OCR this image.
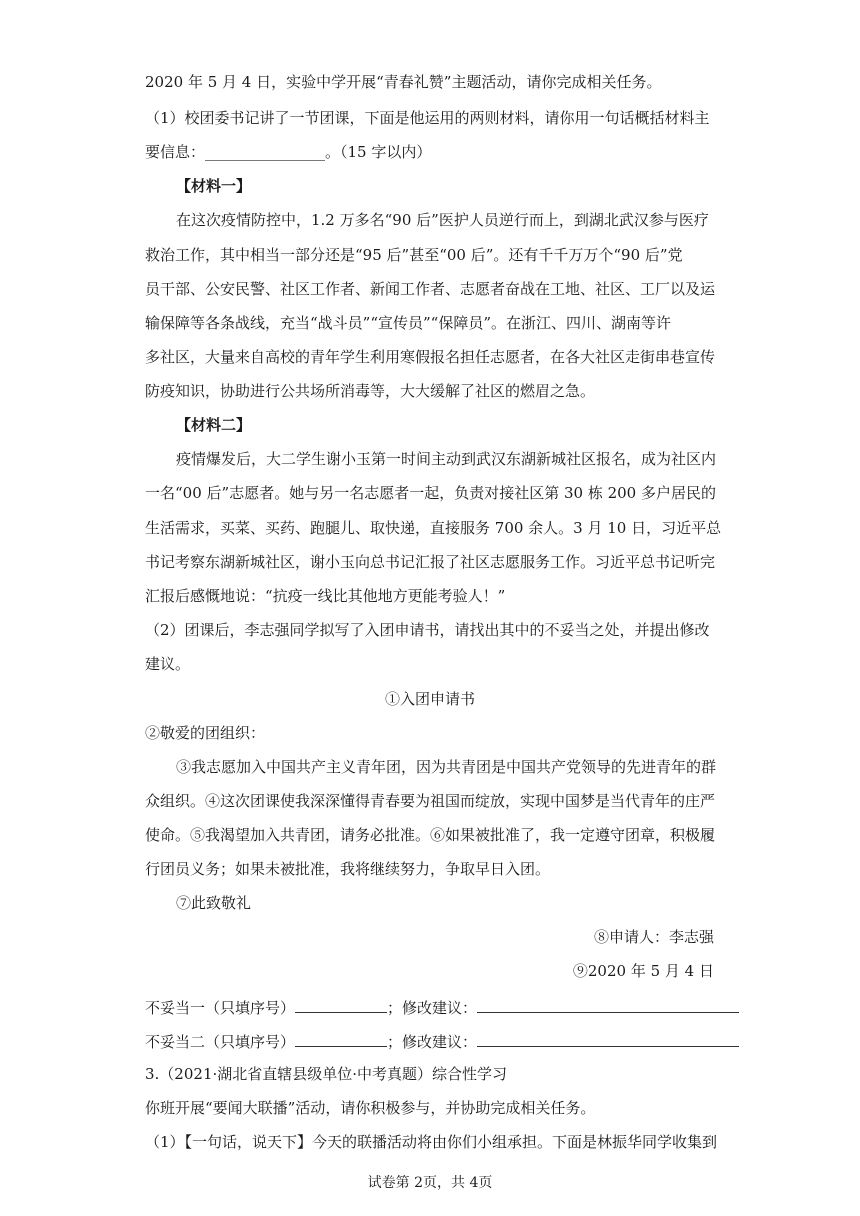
2020 年 5 月 4 日，实验中学开展“青春礼赞”主题活动，请你完成相关任务。
（1）校团委书记讲了一节团课，下面是他运用的两则材料，请你用一句话概括材料主
要信息：________________。（15 字以内）
【材料一】
在这次疫情防控中，1.2 万多名“90 后”医护人员逆行而上，到湖北武汉参与医疗
救治工作，其中相当一部分还是“95 后”甚至“00 后”。还有千千万万个“90 后”党
员干部、公安民警、社区工作者、新闻工作者、志愿者奋战在工地、社区、工厂以及运
输保障等各条战线，充当“战斗员”“宣传员”“保障员”。在浙江、四川、湖南等许
多社区，大量来自高校的青年学生利用寒假报名担任志愿者，在各大社区走街串巷宣传
防疫知识，协助进行公共场所消毒等，大大缓解了社区的燃眉之急。
【材料二】
疫情爆发后，大二学生谢小玉第一时间主动到武汉东湖新城社区报名，成为社区内
一名“00 后”志愿者。她与另一名志愿者一起，负责对接社区第 30 栋 200 多户居民的
生活需求，买菜、买药、跑腿儿、取快递，直接服务 700 余人。3 月 10 日，习近平总
书记考察东湖新城社区，谢小玉向总书记汇报了社区志愿服务工作。习近平总书记听完
汇报后感慨地说：“抗疫一线比其他地方更能考验人！”
（2）团课后，李志强同学拟写了入团申请书，请找出其中的不妥当之处，并提出修改
建议。
①入团申请书
②敬爱的团组织：
③我志愿加入中国共产主义青年团，因为共青团是中国共产党领导的先进青年的群
众组织。④这次团课使我深深懂得青春要为祖国而绽放，实现中国梦是当代青年的庄严
使命。⑤我渴望加入共青团，请务必批准。⑥如果被批准了，我一定遵守团章，积极履
行团员义务；如果未被批准，我将继续努力，争取早日入团。
⑦此致敬礼
⑧申请人：李志强
⑨2020 年 5 月 4 日
不妥当一（只填序号）	；修改建议：
不妥当二（只填序号）	；修改建议：
3.（2021·湖北省直辖县级单位·中考真题）综合性学习
你班开展“要闻大联播”活动，请你积极参与，并协助完成相关任务。
（1）【一句话，说天下】今天的联播活动将由你们小组承担。下面是林振华同学收集到
试卷第 2页，共 4页
